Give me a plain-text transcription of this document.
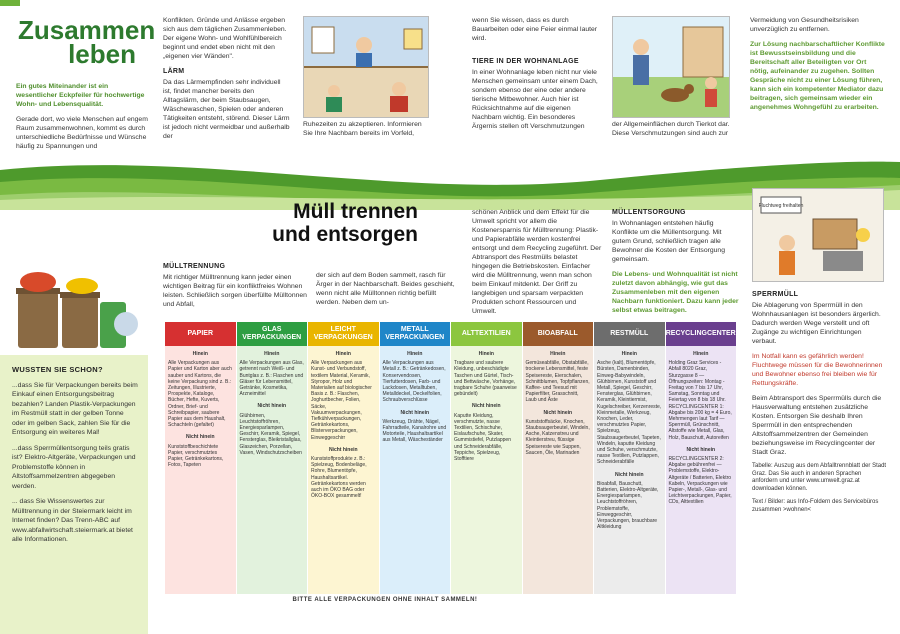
Zusammen
leben

Ein gutes Miteinander ist ein wesentlicher Eckpfeiler für hochwertige Wohn- und Lebensqualität.

Gerade dort, wo viele Menschen auf engem Raum zusammenwohnen, kommt es durch unterschiedliche Bedürfnisse und Wünsche häufig zu Spannungen und

Konflikten. Gründe und Anlässe ergeben sich aus dem täglichen Zusammenleben. Der eigene Wohn- und Wohlfühlbereich beginnt und endet eben nicht mit den „eigenen vier Wänden".

LÄRM

Da das Lärmempfinden sehr individuell ist, findet mancher bereits den Alltagslärm, der beim Staubsaugen, Wäschewaschen, Spielen oder anderen Tätigkeiten entsteht, störend. Dieser Lärm ist jedoch nicht vermeidbar und außerhalb der

Ruhezeiten zu akzeptieren. Informieren Sie Ihre Nachbarn bereits im Vorfeld,

wenn Sie wissen, dass es durch Bauarbeiten oder eine Feier einmal lauter wird.

TIERE IN DER WOHNANLAGE

In einer Wohnanlage leben nicht nur viele Menschen gemeinsam unter einem Dach, sondern ebenso der eine oder andere tierische Mitbewohner. Auch hier ist Rücksichtnahme auf die eigenen Nachbarn wichtig. Ein besonderes Ärgernis stellen oft Verschmutzungen	der Allgemeinflächen durch Tierkot dar. Diese Verschmutzungen sind auch zur

Vermeidung von Gesundheitsrisiken unverzüglich zu entfernen.

Zur Lösung nachbarschaftlicher Konflikte ist Bewusstseinsbildung und die Bereitschaft aller Beteiligten vor Ort nötig, aufeinander zu zugehen. Sollten Gespräche nicht zu einer Lösung führen, kann sich ein kompetenter Mediator dazu beitragen, sich gemeinsam wieder ein angenehmes Wohngefühl zu erarbeiten.

Müll trennen
und entsorgen

MÜLLTRENNUNG

Mit richtiger Mülltrennung kann jeder einen wichtigen Beitrag für ein konfliktfreies Wohnen leisten. Schließlich sorgen überfüllte Mülltonnen und Abfall,

der sich auf dem Boden sammelt, rasch für Ärger in der Nachbarschaft. Beides geschieht, wenn nicht alle Mülltonnen richtig befüllt werden. Neben dem un-

schönen Anblick und dem Effekt für die Umwelt spricht vor allem die Kostenersparnis für Mülltrennung: Plastik- und Papierabfälle werden kostenfrei entsorgt und dem Recycling zugeführt. Der Abtransport des Restmülls belastet hingegen die Betriebskosten. Einfacher wird die Mülltrennung, wenn man schon beim Einkauf mitdenkt. Der Griff zu langlebigen und sparsam verpackten Produkten schont Ressourcen und Umwelt.

MÜLLENTSORGUNG

In Wohnanlagen entstehen häufig Konflikte um die Müllentsorgung. Mit gutem Grund, schließlich tragen alle Bewohner die Kosten der Entsorgung gemeinsam.

Die Lebens- und Wohnqualität ist nicht zuletzt davon abhängig, wie gut das Zusammenleben mit den eigenen Nachbarn funktioniert. Dazu kann jeder selbst etwas beitragen.

Fluchtweg freihalten

SPERRMÜLL

Die Ablagerung von Sperrmüll in den Wohnhausanlagen ist besonders ärgerlich. Dadurch werden Wege verstellt und oft Zugänge zu wichtigen Einrichtungen verbaut.

Im Notfall kann es gefährlich werden! Fluchtwege müssen für die Bewohnerinnen und Bewohner ebenso frei bleiben wie für Rettungskräfte.

Beim Abtransport des Sperrmülls durch die Hausverwaltung entstehen zusätzliche Kosten. Entsorgen Sie deshalb Ihren Sperrmüll in den entsprechenden Altstoffsammelzentren der Gemeinden beziehungsweise im Recyclingcenter der Stadt Graz.

Tabelle: Auszug aus dem Abfalltrennblatt der Stadt Graz. Das Sie auch in anderen Sprachen anfordern und unter www.umwelt.graz.at downloaden können.

Text / Bilder: aus Info-Foldern des Servicebüros zusammen >wohnen<

WUSSTEN SIE SCHON?

...dass Sie für Verpackungen bereits beim Einkauf einen Entsorgungsbeitrag bezahlen? Landen Plastik-Verpackungen im Restmüll statt in der gelben Tonne oder im gelben Sack, zahlen Sie für die Entsorgung ein weiteres Mal!

...dass Sperrmüllentsorgung teils gratis ist? Elektro-Altgeräte, Verpackungen und Problemstoffe können in Altstoffsammelzentren abgegeben werden.

... dass Sie Wissenswertes zur Mülltrennung in der Steiermark leicht im Internet finden? Das Trenn-ABC auf www.abfallwirtschaft.steiermark.at bietet alle Informationen.

PAPIER
Hinein
Alle Verpackungen aus Papier und Karton aber auch sauber und Kartons, die keine Verpackung sind z. B.: Zeitungen, Illustrierte, Prospekte, Kataloge, Bücher, Hefte, Kuverts, Ordner, Brief- und Schreibpapier, saubere Papier aus dem Haushalt, Schachteln (gefaltet)
Nicht hinein
Kunststoffbeschichtete Papier, verschmutztes Papier, Getränkekartons, Fotos, Tapeten
GLAS VERPACKUNGEN
Hinein
Alle Verpackungen aus Glas, getrennt nach Weiß- und Buntglas z. B.: Flaschen und Gläser für Lebensmittel, Getränke, Kosmetika, Arzneimittel
Nicht hinein
Glühbirnen, Leuchtstoffröhren, Energiesparlampen, Geschirr, Keramik, Spiegel, Fensterglas, Bleikristallglas, Glaszeichen, Porzellan, Vasen, Windschutzscheiben
LEICHT VERPACKUNGEN
Hinein
Alle Verpackungen aus Kunst- und Verbundstoff, textilem Material, Keramik, Styropor, Holz und Materialien auf biologischer Basis z. B.: Flaschen, Joghurtbecher, Folien, Säcke, Vakuumverpackungen, Tiefkühlverpackungen, Getränkekartons, Blisterverpackungen, Einweggeschirr
Nicht hinein
Kunststoffprodukte z. B.: Spielzeug, Bodenbeläge, Rohre, Blumentöpfe, Haushaltsartikel. Getränkekartons werden auch im ÖKO BAG oder ÖKO-BOX gesammelt!
METALL VERPACKUNGEN
Hinein
Alle Verpackungen aus Metall z. B.: Getränkedosen, Konservendosen, Tierfutterdosen, Farb- und Lackdosen, Metalltuben, Metalldeckel, Deckelfolien, Schraubverschlüsse
Nicht hinein
Werkzeug, Drähte, Nägel, Fahrradteile, Kanalrohre und Motorteile, Haushaltsartikel aus Metall, Wäscheständer
ALTTEXTILIEN
Hinein
Tragbare und saubere Kleidung, unbeschädigte Taschen und Gürtel, Tisch- und Bettwäsche, Vorhänge, tragbare Schuhe (paarweise gebündelt)
Nicht hinein
Kaputte Kleidung, verschmutzte, nasse Textilien, Schischuhe, Eislaufschuhe, Skater, Gummistiefel, Putzlappen und Schneiderabfälle, Teppiche, Spielzeug, Stofftiere
BIOABFALL
Hinein
Gemüseabfälle, Obstabfälle, trockene Lebensmittel, feste Speisereste, Eierschalen, Schnittblumen, Topfpflanzen, Kaffee- und Teesud mit Papierfilter, Grasschnitt, Laub und Äste
Nicht hinein
Kunststoffsäcke, Knochen, Staubsaugerbeutel, Windeln, Asche, Katzenstreu und Kleintierstreu, flüssige Speisereste wie Suppen, Saucen, Öle, Marinaden
RESTMÜLL
Hinein
Asche (kalt), Blumentöpfe, Bürsten, Damenbinden, Einweg-Babywindeln, Glühbirnen, Kunststoff und Metall, Spiegel, Geschirr, Fensterglas, Glühbirnen, Keramik, Kleintiermist, Kugelschreiber, Kerzenreste, Kleinmetalle, Werkzeug, Knochen, Leder, verschmutztes Papier, Spielzeug, Staubsaugerbeutel, Tapeten, Windeln, kaputte Kleidung und Schuhe, verschmutzte, nasse Textilien, Putzlappen, Schneiderabfälle
Nicht hinein
Bioabfall, Bauschutt, Batterien, Elektro-Altgeräte, Energiesparlampen, Leuchtstoffröhren, Problemstoffe, Einweggeschirr, Verpackungen, brauchbare Altkleidung
RECYCLINGCENTER
Hinein
Holding Graz Services - Abfall 8020 Graz, Sturzgasse 8 — Öffnungszeiten: Montag - Freitag von 7 bis 17 Uhr, Samstag, Sonntag und Feiertag von 8 bis 18 Uhr. RECYCLINGCENTER 1: Abgabe bis 200 kg = 4 Euro, Mehrmengen laut Tarif — Sperrmüll, Grünschnitt, Altstoffe wie Metall, Glas, Holz, Bauschutt, Autoreifen
Nicht hinein
RECYCLINGCENTER 2: Abgabe gebührenfrei — Problemstoffe, Elektro-Altgeräte / Batterien, Elektro Kabeln, Verpackungen wie Papier-, Metall-, Glas- und Leichtverpackungen, Papier, CDs, Alttextilien
BITTE ALLE VERPACKUNGEN OHNE INHALT SAMMELN!
